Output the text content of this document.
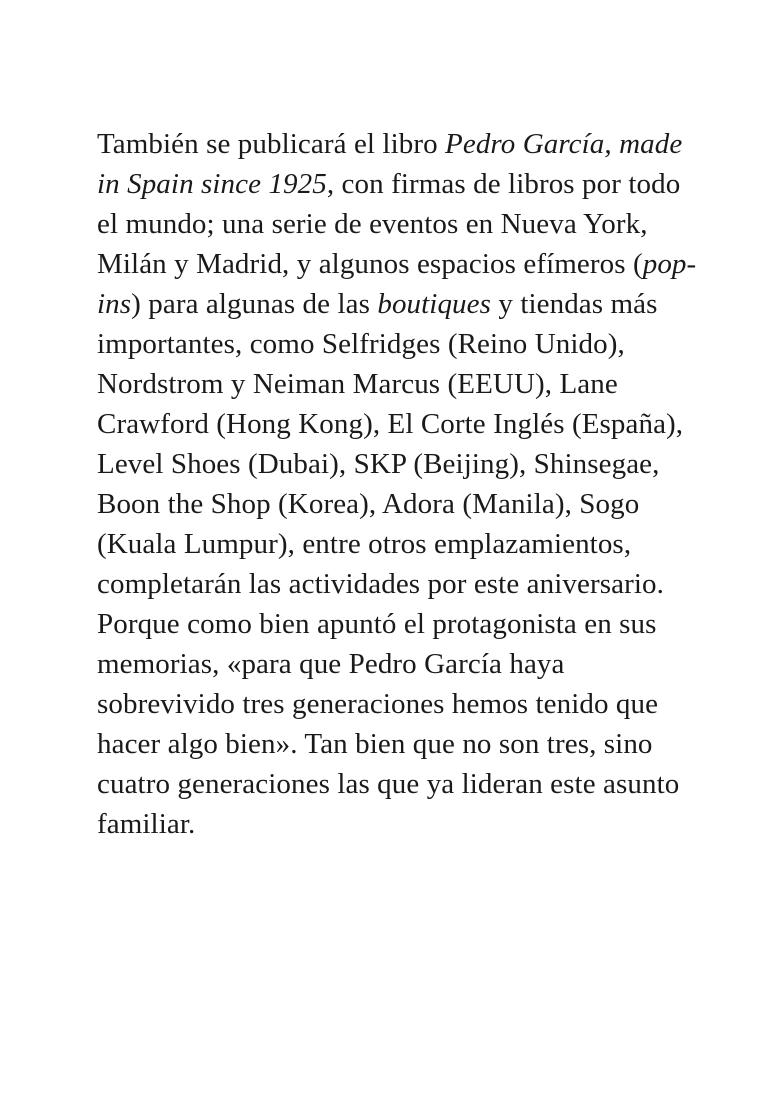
También se publicará el libro Pedro García, made in Spain since 1925, con firmas de libros por todo el mundo; una serie de eventos en Nueva York, Milán y Madrid, y algunos espacios efímeros (pop-ins) para algunas de las boutiques y tiendas más importantes, como Selfridges (Reino Unido), Nordstrom y Neiman Marcus (EEUU), Lane Crawford (Hong Kong), El Corte Inglés (España), Level Shoes (Dubai), SKP (Beijing), Shinsegae, Boon the Shop (Korea), Adora (Manila), Sogo (Kuala Lumpur), entre otros emplazamientos, completarán las actividades por este aniversario. Porque como bien apuntó el protagonista en sus memorias, «para que Pedro García haya sobrevivido tres generaciones hemos tenido que hacer algo bien». Tan bien que no son tres, sino cuatro generaciones las que ya lideran este asunto familiar.
